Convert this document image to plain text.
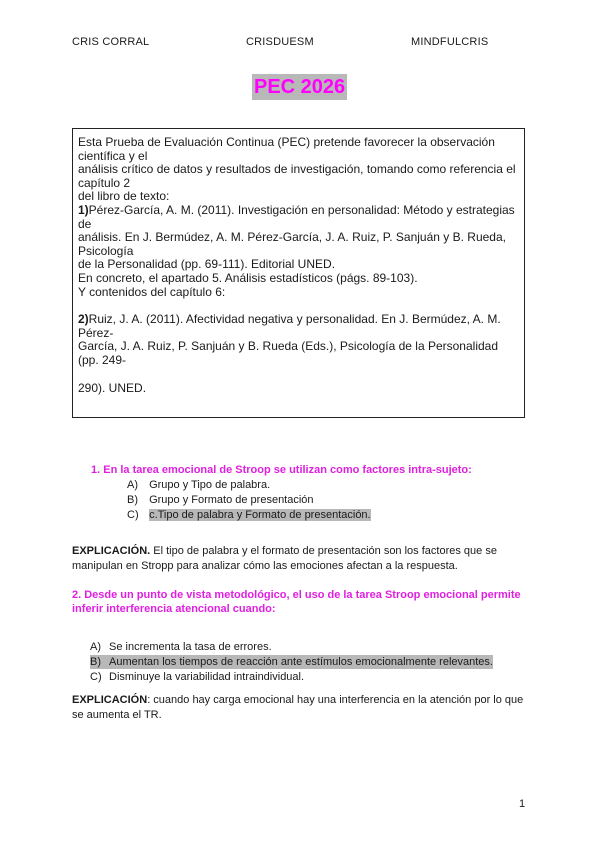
CRIS CORRAL	CRISDUESM	MINDFULCRIS
PEC 2026
Esta Prueba de Evaluación Continua (PEC) pretende favorecer la observación científica y el
análisis crítico de datos y resultados de investigación, tomando como referencia el capítulo 2
del libro de texto:
1)Pérez-García, A. M. (2011). Investigación en personalidad: Método y estrategias de
análisis. En J. Bermúdez, A. M. Pérez-García, J. A. Ruiz, P. Sanjuán y B. Rueda, Psicología
de la Personalidad (pp. 69-111). Editorial UNED.
En concreto, el apartado 5. Análisis estadísticos (págs. 89-103).
Y contenidos del capítulo 6:
2)Ruiz, J. A. (2011). Afectividad negativa y personalidad. En J. Bermúdez, A. M. Pérez-
García, J. A. Ruiz, P. Sanjuán y B. Rueda (Eds.), Psicología de la Personalidad (pp. 249-
290). UNED.
1. En la tarea emocional de Stroop se utilizan como factores intra-sujeto:
A) Grupo y Tipo de palabra.
B) Grupo y Formato de presentación
C) c.Tipo de palabra y Formato de presentación.
EXPLICACIÓN. El tipo de palabra y el formato de presentación son los factores que se manipulan en Stropp para analizar cómo las emociones afectan a la respuesta.
2. Desde un punto de vista metodológico, el uso de la tarea Stroop emocional permite inferir interferencia atencional cuando:
A) Se incrementa la tasa de errores.
B) Aumentan los tiempos de reacción ante estímulos emocionalmente relevantes.
C) Disminuye la variabilidad intraindividual.
EXPLICACIÓN: cuando hay carga emocional hay una interferencia en la atención por lo que se aumenta el TR.
1
